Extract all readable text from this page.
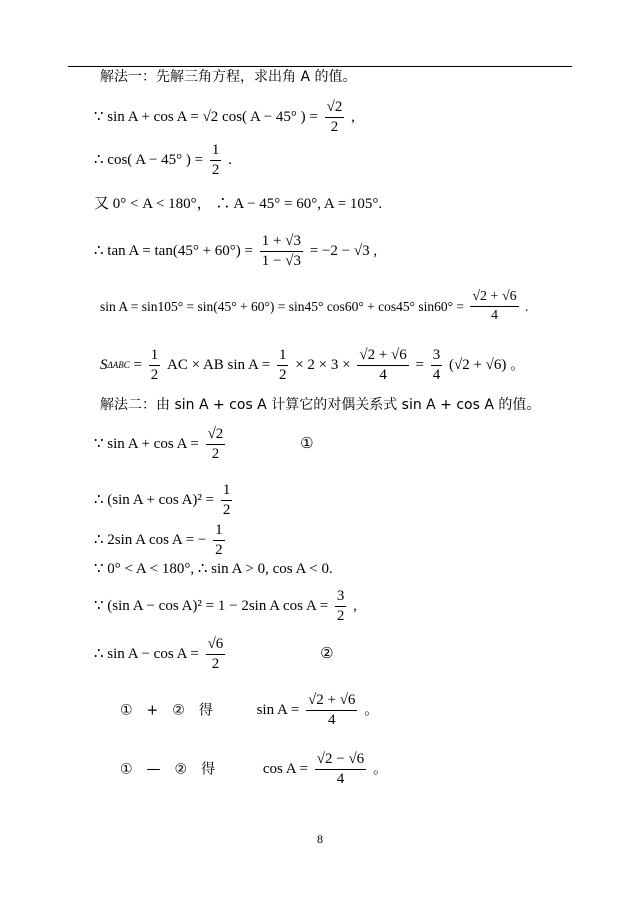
解法一：先解三角方程，求出角 A 的值。
∵ sin A + cos A = √2 cos( A − 45° ) = $\frac{√2}{2}$ ,
∴ cos( A − 45° ) = $\frac{1}{2}$ .
又 0° < A < 180°， ∴ A − 45° = 60°, A = 105°.
∴ $\tan A = \tan(45^\circ + 60^\circ) = \frac{1 + √3}{1 - √3} = -2 - √3$ ,
sin A = sin105° = sin(45° + 60°) = sin45° cos60° + cos45° $\sin 60^\circ = \frac{√2 + √6}{4}$ .
$S\Delta ABC = \frac{1}{2}$ AC × AB $\sin A = \frac{1}{2} \times 2 \times 3 \times \frac{√2 + √6}{4} = \frac{3}{4} (√2 + √6)$ 。
解法二：由 sin A + cos A 计算它的对偶关系式 sin A + cos A 的值。
∵ $\sin A + \cos A = \frac{√2}{2}$	①
∴ (sin $A + \cos A)^2 = \frac{1}{2}$
∴ 2sin A cos A = − $\frac{1}{2}$
∵ 0° < A < 180°, ∴ sin A > 0, cos A < 0.
∵ (sin A − cos A)² = 1 − 2sin A $\cos A = \frac{3}{2}$ ,
∴ $\sin A - \cos A = \frac{√6}{2}$	②
①　+　②　得	$\sin A = \frac{√2 + √6}{4}$ 。
①　—　②　得	$\cos A = \frac{√2 - √6}{4}$ 。
8
